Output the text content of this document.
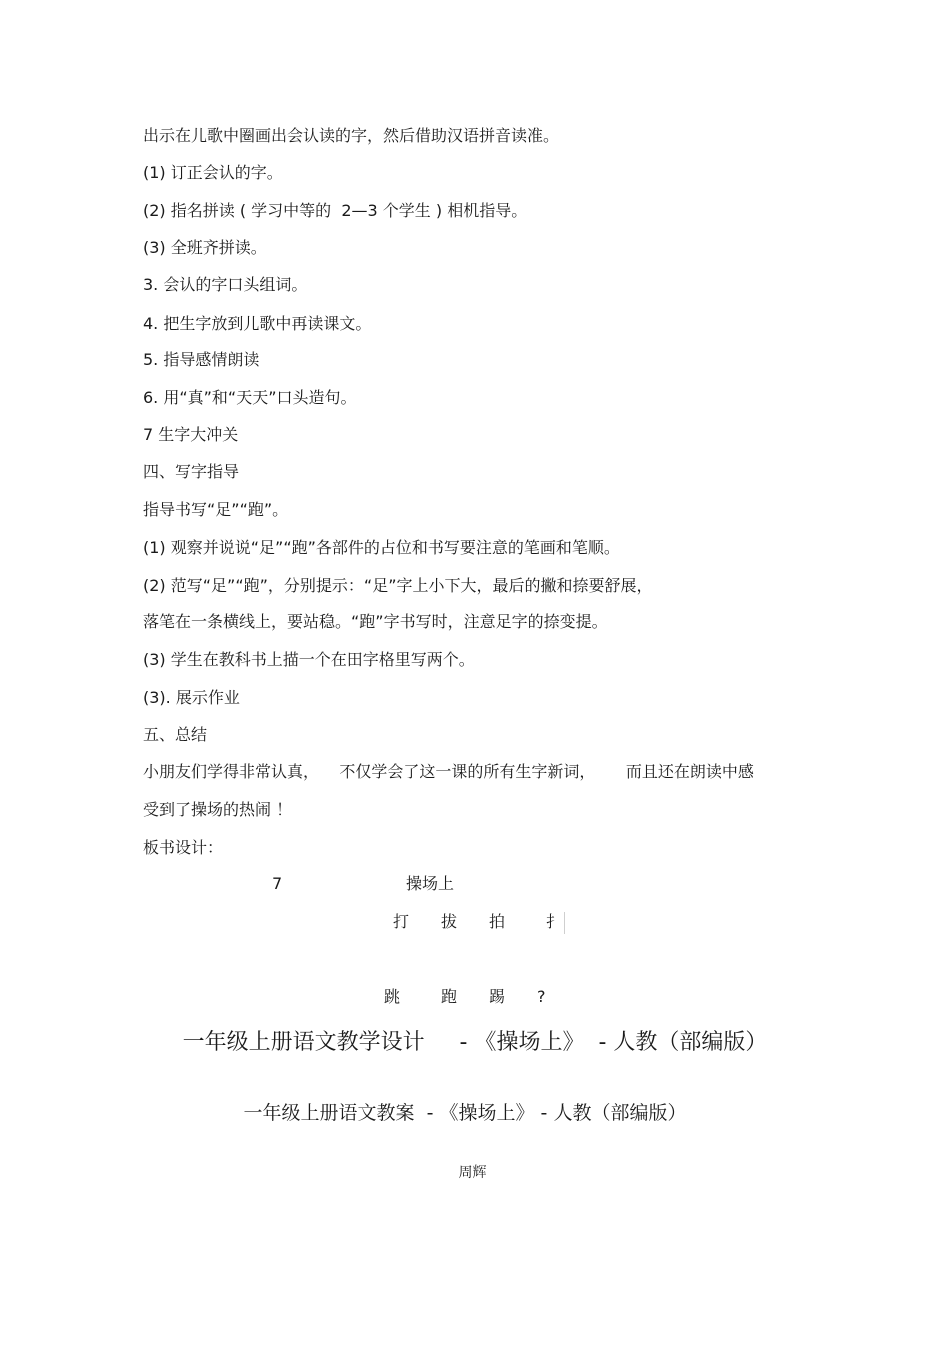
出示在儿歌中圈画出会认读的字，然后借助汉语拼音读准。
(1) 订正会认的字。
(2) 指名拼读 ( 学习中等的  2—3 个学生 ) 相机指导。
(3) 全班齐拼读。
3. 会认的字口头组词。
4. 把生字放到儿歌中再读课文。
5. 指导感情朗读
6. 用“真”和“天天”口头造句。
7 生字大冲关
四、写字指导
指导书写“足”“跑”。
(1) 观察并说说“足”“跑”各部件的占位和书写要注意的笔画和笔顺。
(2) 范写“足”“跑”，分别提示：“足”字上小下大，最后的撇和捺要舒展，
落笔在一条横线上，要站稳。“跑”字书写时，注意足字的捺变提。
(3) 学生在教科书上描一个在田字格里写两个。
(3). 展示作业
五、总结
小朋友们学得非常认真，    不仅学会了这一课的所有生字新词，      而且还在朗读中感
受到了操场的热闹 ！
板书设计：
7	操场上
打 拔 拍	扌
跳	跑 踢 ?
一年级上册语文教学设计     - 《操场上》  - 人教（部编版）
一年级上册语文教案  - 《操场上》 - 人教（部编版）
周辉
